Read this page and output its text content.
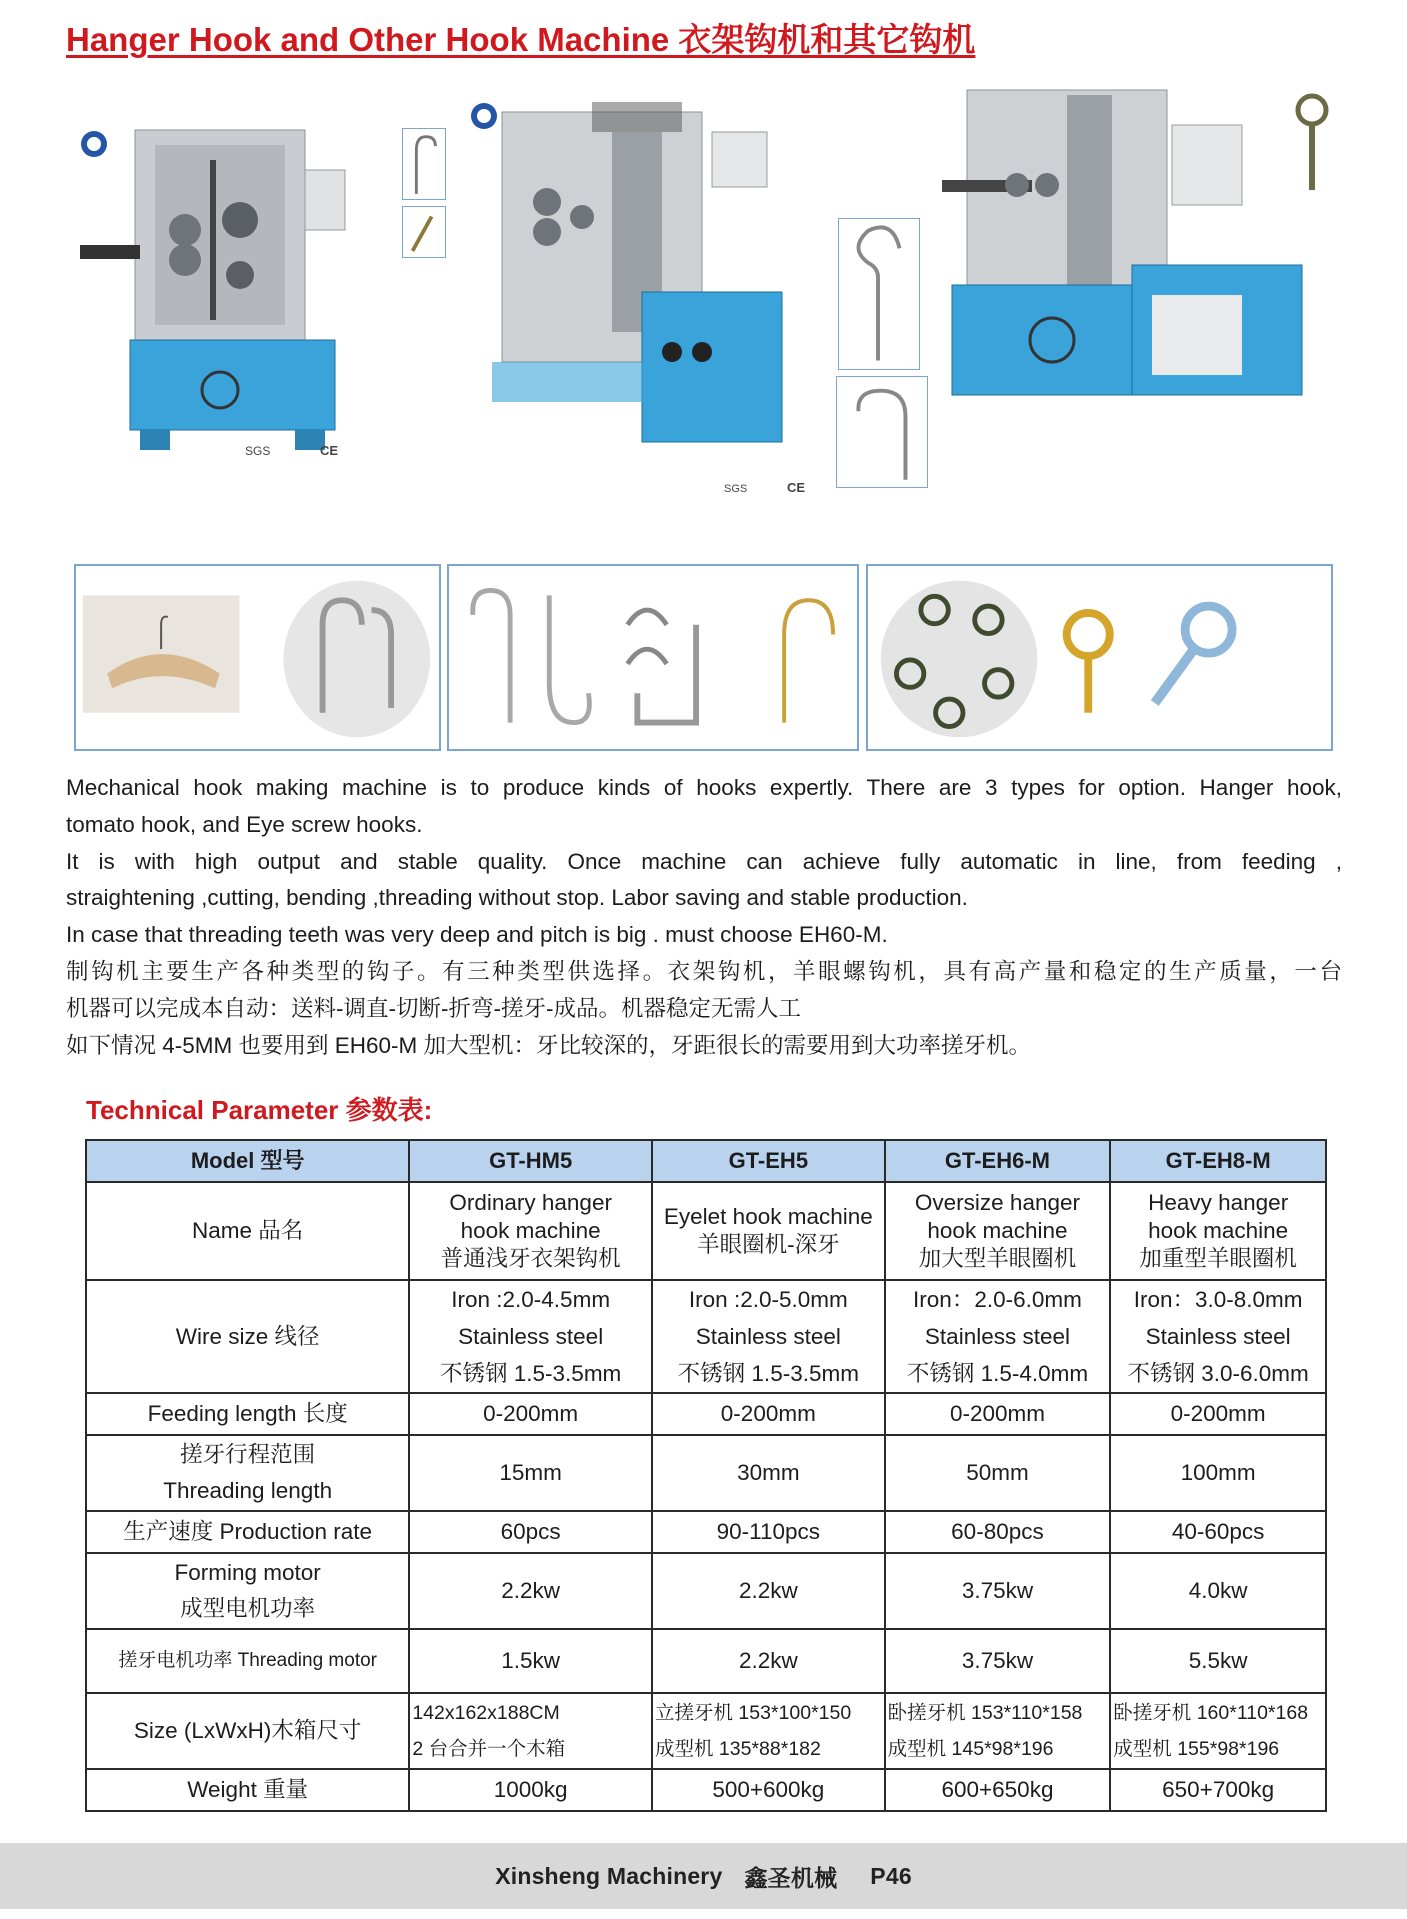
Hanger Hook and Other Hook Machine 衣架钩机和其它钩机
SGS	CE
SGS	CE

Mechanical hook making machine is to produce kinds of hooks expertly. There are 3 types for option. Hanger hook,

tomato hook, and Eye screw hooks.

It is with high output and stable quality. Once machine can achieve fully automatic in line, from feeding ,

straightening ,cutting, bending ,threading without stop. Labor saving and stable production.

In case that threading teeth was very deep and pitch is big . must choose EH60-M.

制钩机主要生产各种类型的钩子。有三种类型供选择。衣架钩机，羊眼螺钩机，具有高产量和稳定的生产质量，一台

机器可以完成本自动：送料-调直-切断-折弯-搓牙-成品。机器稳定无需人工

如下情况 4-5MM 也要用到 EH60-M 加大型机：牙比较深的，牙距很长的需要用到大功率搓牙机。

Technical Parameter 参数表:
Model 型号	GT-HM5	GT-EH5	GT-EH6-M	GT-EH8-M

Name 品名	Ordinary hanger
hook machine
普通浅牙衣架钩机	Eyelet hook machine
羊眼圈机-深牙	Oversize hanger
hook machine
加大型羊眼圈机	Heavy hanger
hook machine
加重型羊眼圈机

Wire size 线径	Iron :2.0-4.5mm
Stainless steel
不锈钢 1.5-3.5mm	Iron :2.0-5.0mm
Stainless steel
不锈钢 1.5-3.5mm	Iron：2.0-6.0mm
Stainless steel
不锈钢 1.5-4.0mm	Iron：3.0-8.0mm
Stainless steel
不锈钢 3.0-6.0mm

Feeding length 长度	0-200mm	0-200mm	0-200mm	0-200mm

搓牙行程范围
Threading length	15mm	30mm	50mm	100mm

生产速度 Production rate	60pcs	90-110pcs	60-80pcs	40-60pcs

Forming motor
成型电机功率	2.2kw	2.2kw	3.75kw	4.0kw

搓牙电机功率 Threading motor	1.5kw	2.2kw	3.75kw	5.5kw

Size (LxWxH)木箱尺寸	142x162x188CM
2 台合并一个木箱	立搓牙机 153*100*150
成型机 135*88*182	卧搓牙机 153*110*158
成型机 145*98*196	卧搓牙机 160*110*168
成型机 155*98*196

Weight 重量	1000kg	500+600kg	600+650kg	650+700kg
Xinsheng Machinery 鑫圣机械 P46
